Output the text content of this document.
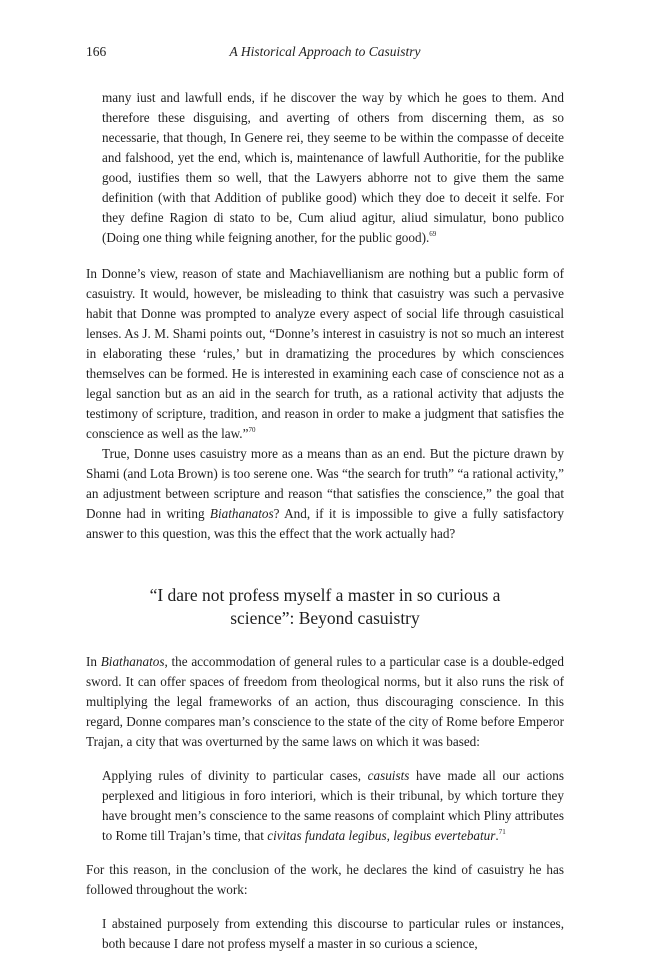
166	A Historical Approach to Casuistry

many iust and lawfull ends, if he discover the way by which he goes to them. And therefore these disguising, and averting of others from discerning them, as so necessarie, that though, In Genere rei, they seeme to be within the compasse of deceite and falshood, yet the end, which is, maintenance of lawfull Authoritie, for the publike good, iustifies them so well, that the Lawyers abhorre not to give them the same definition (with that Addition of publike good) which they doe to deceit it selfe. For they define Ragion di stato to be, Cum aliud agitur, aliud simulatur, bono publico (Doing one thing while feigning another, for the public good).$^{69}$

In Donne’s view, reason of state and Machiavellianism are nothing but a public form of casuistry. It would, however, be misleading to think that casuistry was such a pervasive habit that Donne was prompted to analyze every aspect of social life through casuistical lenses. As J. M. Shami points out, “Donne’s interest in casuistry is not so much an interest in elaborating these ‘rules,’ but in dramatizing the procedures by which consciences themselves can be formed. He is interested in examining each case of conscience not as a legal sanction but as an aid in the search for truth, as a rational activity that adjusts the testimony of scripture, tradition, and reason in order to make a judgment that satisfies the conscience as well as the law.”$^{70}$

True, Donne uses casuistry more as a means than as an end. But the picture drawn by Shami (and Lota Brown) is too serene one. Was “the search for truth” “a rational activity,” an adjustment between scripture and reason “that satisfies the conscience,” the goal that Donne had in writing Biathanatos? And, if it is impossible to give a fully satisfactory answer to this question, was this the effect that the work actually had?

“I dare not profess myself a master in so curious a science”: Beyond casuistry

In Biathanatos, the accommodation of general rules to a particular case is a double-edged sword. It can offer spaces of freedom from theological norms, but it also runs the risk of multiplying the legal frameworks of an action, thus discouraging conscience. In this regard, Donne compares man’s conscience to the state of the city of Rome before Emperor Trajan, a city that was overturned by the same laws on which it was based:

Applying rules of divinity to particular cases, casuists have made all our actions perplexed and litigious in foro interiori, which is their tribunal, by which torture they have brought men’s conscience to the same reasons of complaint which Pliny attributes to Rome till Trajan’s time, that civitas fundata legibus, legibus evertebatur.$^{71}$

For this reason, in the conclusion of the work, he declares the kind of casuistry he has followed throughout the work:

I abstained purposely from extending this discourse to particular rules or instances, both because I dare not profess myself a master in so curious a science,
